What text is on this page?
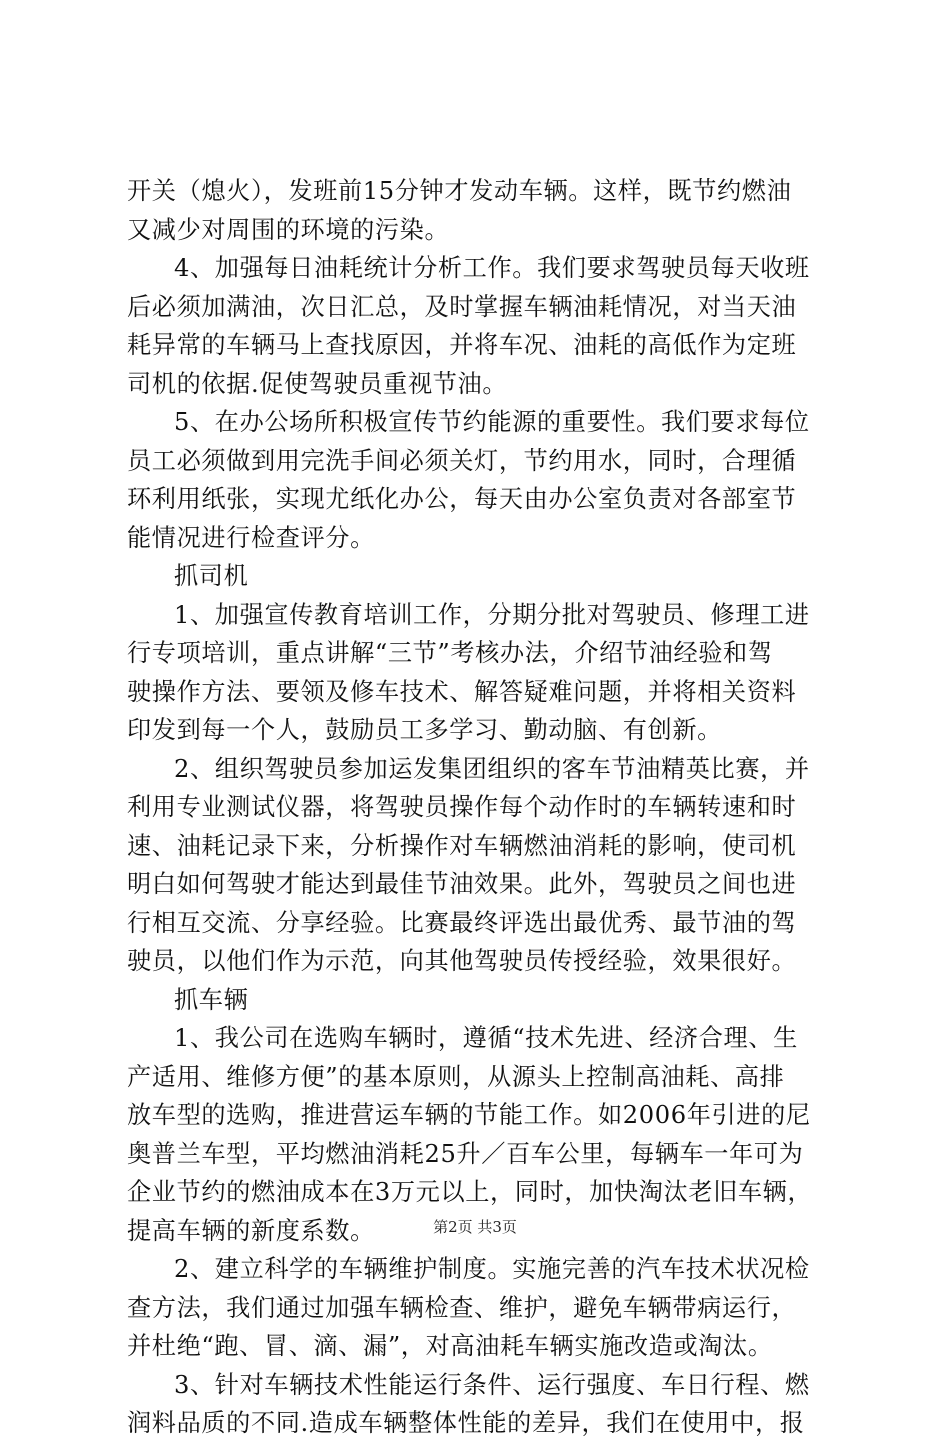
开关（熄火），发班前15分钟才发动车辆。这样，既节约燃油
又减少对周围的环境的污染。
4、加强每日油耗统计分析工作。我们要求驾驶员每天收班
后必须加满油，次日汇总，及时掌握车辆油耗情况，对当天油
耗异常的车辆马上查找原因，并将车况、油耗的高低作为定班
司机的依据.促使驾驶员重视节油。
5、在办公场所积极宣传节约能源的重要性。我们要求每位
员工必须做到用完洗手间必须关灯，节约用水，同时，合理循
环利用纸张，实现尤纸化办公，每天由办公室负责对各部室节
能情况进行检查评分。
抓司机
1、加强宣传教育培训工作，分期分批对驾驶员、修理工进
行专项培训，重点讲解“三节”考核办法，介绍节油经验和驾
驶操作方法、要领及修车技术、解答疑难问题，并将相关资料
印发到每一个人，鼓励员工多学习、勤动脑、有创新。
2、组织驾驶员参加运发集团组织的客车节油精英比赛，并
利用专业测试仪器，将驾驶员操作每个动作时的车辆转速和时
速、油耗记录下来，分析操作对车辆燃油消耗的影响，使司机
明白如何驾驶才能达到最佳节油效果。此外，驾驶员之间也进
行相互交流、分享经验。比赛最终评选出最优秀、最节油的驾
驶员，以他们作为示范，向其他驾驶员传授经验，效果很好。
抓车辆
1、我公司在选购车辆时，遵循“技术先进、经济合理、生
产适用、维修方便”的基本原则，从源头上控制高油耗、高排
放车型的选购，推进营运车辆的节能工作。如2006年引进的尼
奥普兰车型，平均燃油消耗25升／百车公里，每辆车一年可为
企业节约的燃油成本在3万元以上，同时，加快淘汰老旧车辆，
提高车辆的新度系数。
2、建立科学的车辆维护制度。实施完善的汽车技术状况检
查方法，我们通过加强车辆检查、维护，避免车辆带病运行，
并杜绝“跑、冒、滴、漏”，对高油耗车辆实施改造或淘汰。
3、针对车辆技术性能运行条件、运行强度、车日行程、燃
润料品质的不同.造成车辆整体性能的差异，我们在使用中，报
第2页 共3页
